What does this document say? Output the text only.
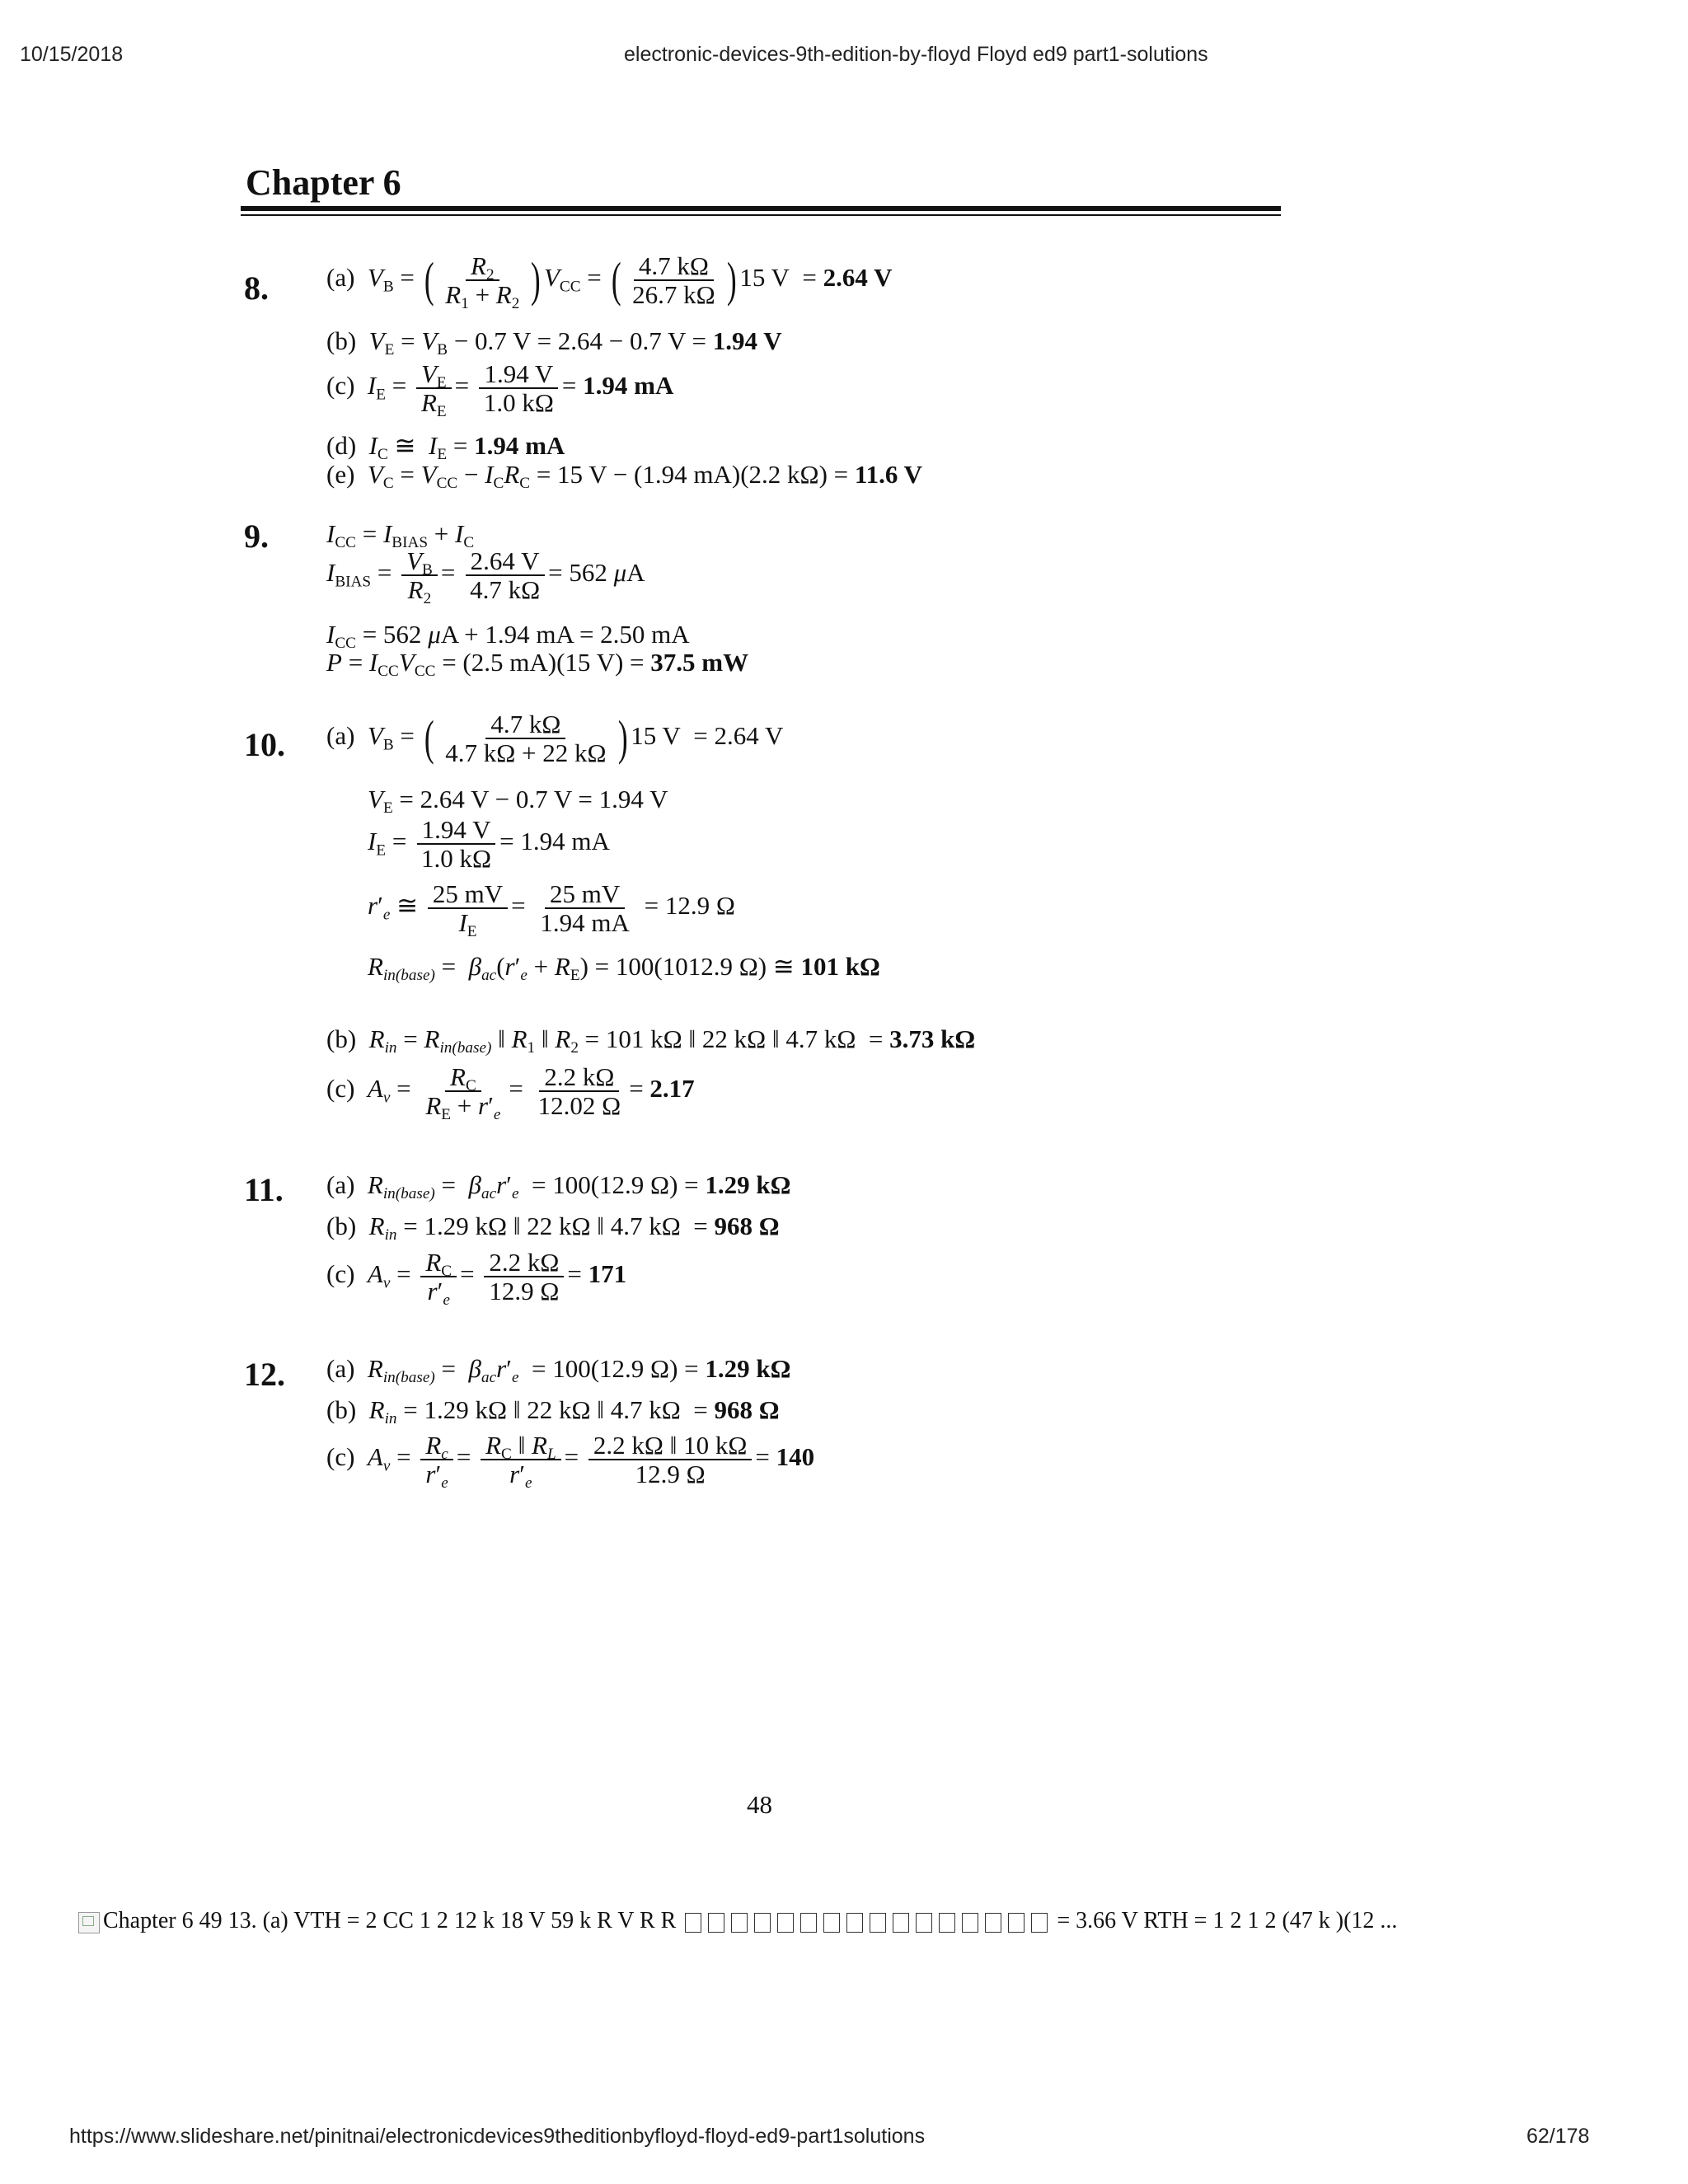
10/15/2018	electronic-devices-9th-edition-by-floyd Floyd ed9 part1-solutions
Chapter 6
8. (a)  $V_B$ = ( $\frac{R_2}{R_1 + R_2}$ ) $V_{CC}$ = ( $\frac{4.7 k\Omega}{26.7 k\Omega}$ ) 15 V  = 2.64 V
(b)  $V_E = V_B - 0.7$ V = 2.64 − 0.7 V = 1.94 V
(c)  $I_E = \frac{V_E}{R_E} = \frac{1.94 V}{1.0 k\Omega} = 1.94$ mA
(d)  $I_C$ ≅  $I_E = 1.94$ mA
(e)  $V_C = V_{CC} - I_CR_C = 15$ V − (1.94 mA)(2.2 kΩ) = 11.6 V
9. $I_{CC} = I_{BIAS} + I_C$
$I_{BIAS} = \frac{V_B}{R_2} = \frac{2.64 V}{4.7 k\Omega} = 562$ μA
$I_{CC} = 562$ μA + 1.94 mA = 2.50 mA
$P = I_{CC}V_{CC} = (2.5$ mA)(15 V) = 37.5 mW
10. (a)  $V_B$ = ( $\frac{4.7 k\Omega}{4.7 k\Omega + 22 k\Omega}$ ) 15 V  = 2.64 V
$V_E = 2.64$ V − 0.7 V = 1.94 V
$I_E = \frac{1.94 V}{1.0 k\Omega} = 1.94$ mA
$r'_e$ ≅ $\frac{25 mV}{I_E} = \frac{25 mV}{1.94 mA} = 12.9$ Ω
$R_{in(base)} = \beta_{ac}(r'_e + R_E) = 100(1012.9$ Ω) ≅ 101 kΩ
(b)  $R_{in} = R_{in(base)}$ ‖ $R_1$ ‖ $R_2 = 101$ kΩ ‖ 22 kΩ ‖ 4.7 kΩ  = 3.73 kΩ
(c)  $A_v = \frac{R_C}{R_E + r'_e} = \frac{2.2 k\Omega}{12.02 \Omega} = 2.17$
11. (a)  $R_{in(base)} = \beta_{ac}r'_e = 100(12.9$ Ω) = 1.29 kΩ
(b)  $R_{in} = 1.29$ kΩ ‖ 22 kΩ ‖ 4.7 kΩ  = 968 Ω
(c)  $A_v = \frac{R_C}{r'_e} = \frac{2.2 k\Omega}{12.9 \Omega} = 171$
12. (a)  $R_{in(base)} = \beta_{ac}r'_e = 100(12.9$ Ω) = 1.29 kΩ
(b)  $R_{in} = 1.29$ kΩ ‖ 22 kΩ ‖ 4.7 kΩ  = 968 Ω
(c)  $A_v = \frac{R_c}{r'_e} = \frac{R_C ‖ R_L}{r'_e} = \frac{2.2 k\Omega ‖ 10 k\Omega}{12.9 \Omega} = 140$
48
Chapter 6 49 13. (a) VTH = 2 CC 1 2 12 k 18 V 59 k R V R R	= 3.66 V RTH = 1 2 1 2 (47 k )(12 ...
https://www.slideshare.net/pinitnai/electronicdevices9theditionbyfloyd-floyd-ed9-part1solutions	62/178
